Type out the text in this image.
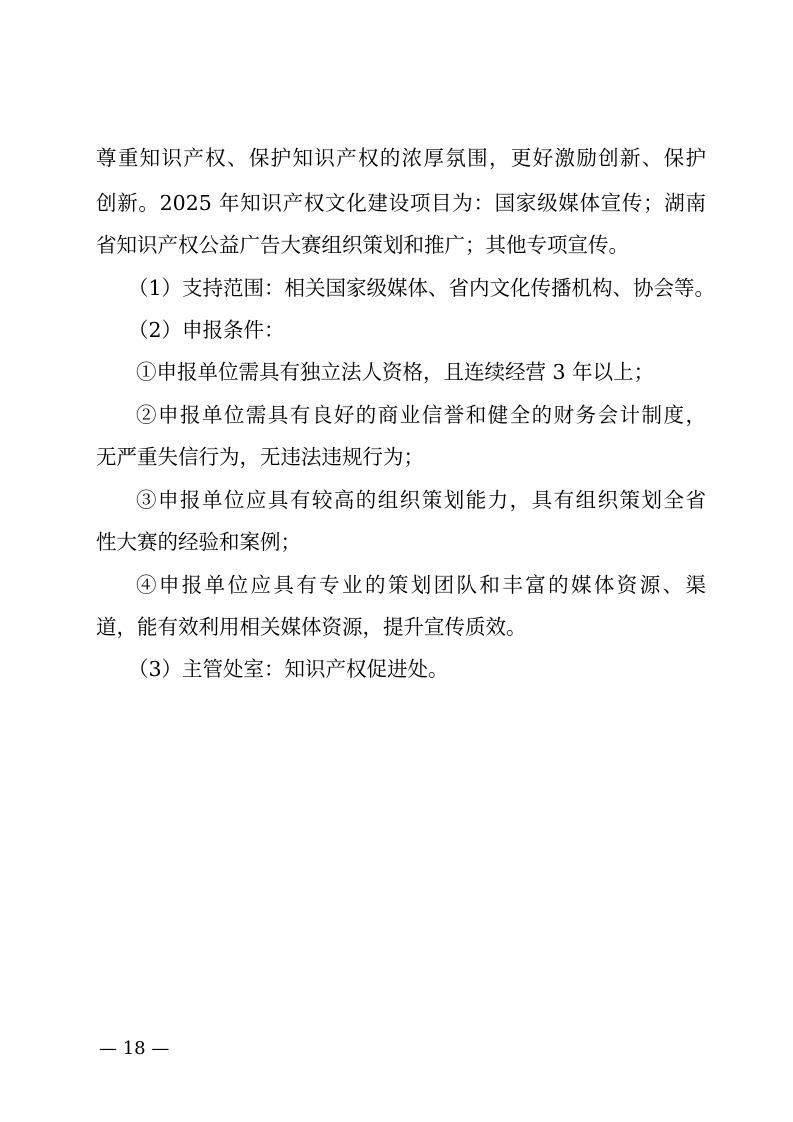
尊重知识产权、保护知识产权的浓厚氛围，更好激励创新、保护
创新。2025 年知识产权文化建设项目为：国家级媒体宣传；湖南
省知识产权公益广告大赛组织策划和推广；其他专项宣传。
（1）支持范围：相关国家级媒体、省内文化传播机构、协会等。
（2）申报条件：
①申报单位需具有独立法人资格，且连续经营 3 年以上；
②申报单位需具有良好的商业信誉和健全的财务会计制度，
无严重失信行为，无违法违规行为；
③申报单位应具有较高的组织策划能力，具有组织策划全省
性大赛的经验和案例；
④申报单位应具有专业的策划团队和丰富的媒体资源、渠
道，能有效利用相关媒体资源，提升宣传质效。
（3）主管处室：知识产权促进处。
— 18 —
